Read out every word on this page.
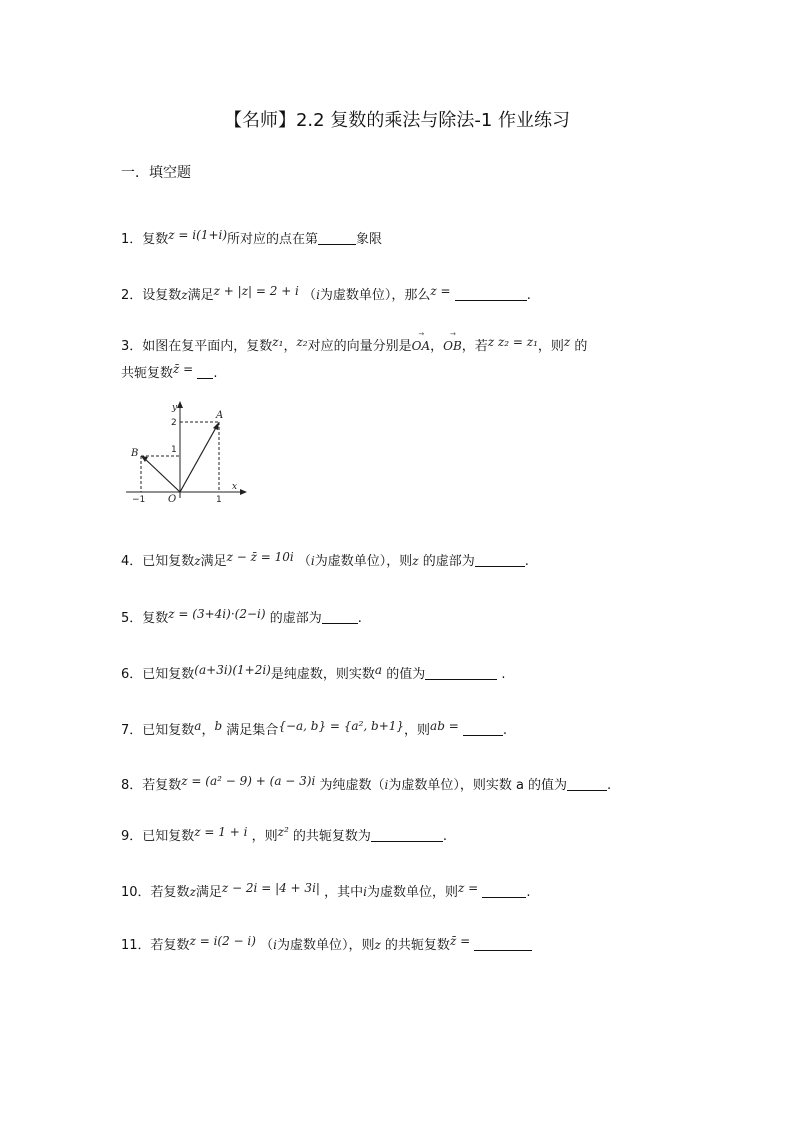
【名师】2.2 复数的乘法与除法-1 作业练习
一．填空题
1．复数z = i(1+i)所对应的点在第	象限
2．设复数z满足z + |z| = 2 + i （i为虚数单位），那么z =	.
3．如图在复平面内，复数z₁，z₂对应的向量分别是
→
OA，
→
OB，若z z₂ = z₁，则z 的
共轭复数z̄ = .
y
x
A
B
O
2
1
−1	1
4．已知复数z满足z − z̄ = 10i （i为虚数单位），则z 的虚部为	.
5．复数z = (3+4i)·(2−i) 的虚部为	.
6．已知复数(a+3i)(1+2i)是纯虚数，则实数a 的值为	.
7．已知复数a，b 满足集合{−a, b} = {a², b+1}，则ab =	.
8．若复数z = (a² − 9) + (a − 3)i 为纯虚数（i为虚数单位），则实数 a 的值为	.
9．已知复数z = 1 + i ，则z² 的共轭复数为	.
10．若复数z满足z − 2i = |4 + 3i| ，其中i为虚数单位，则z =	.
11．若复数z = i(2 − i) （i为虚数单位），则z 的共轭复数z̄ =
